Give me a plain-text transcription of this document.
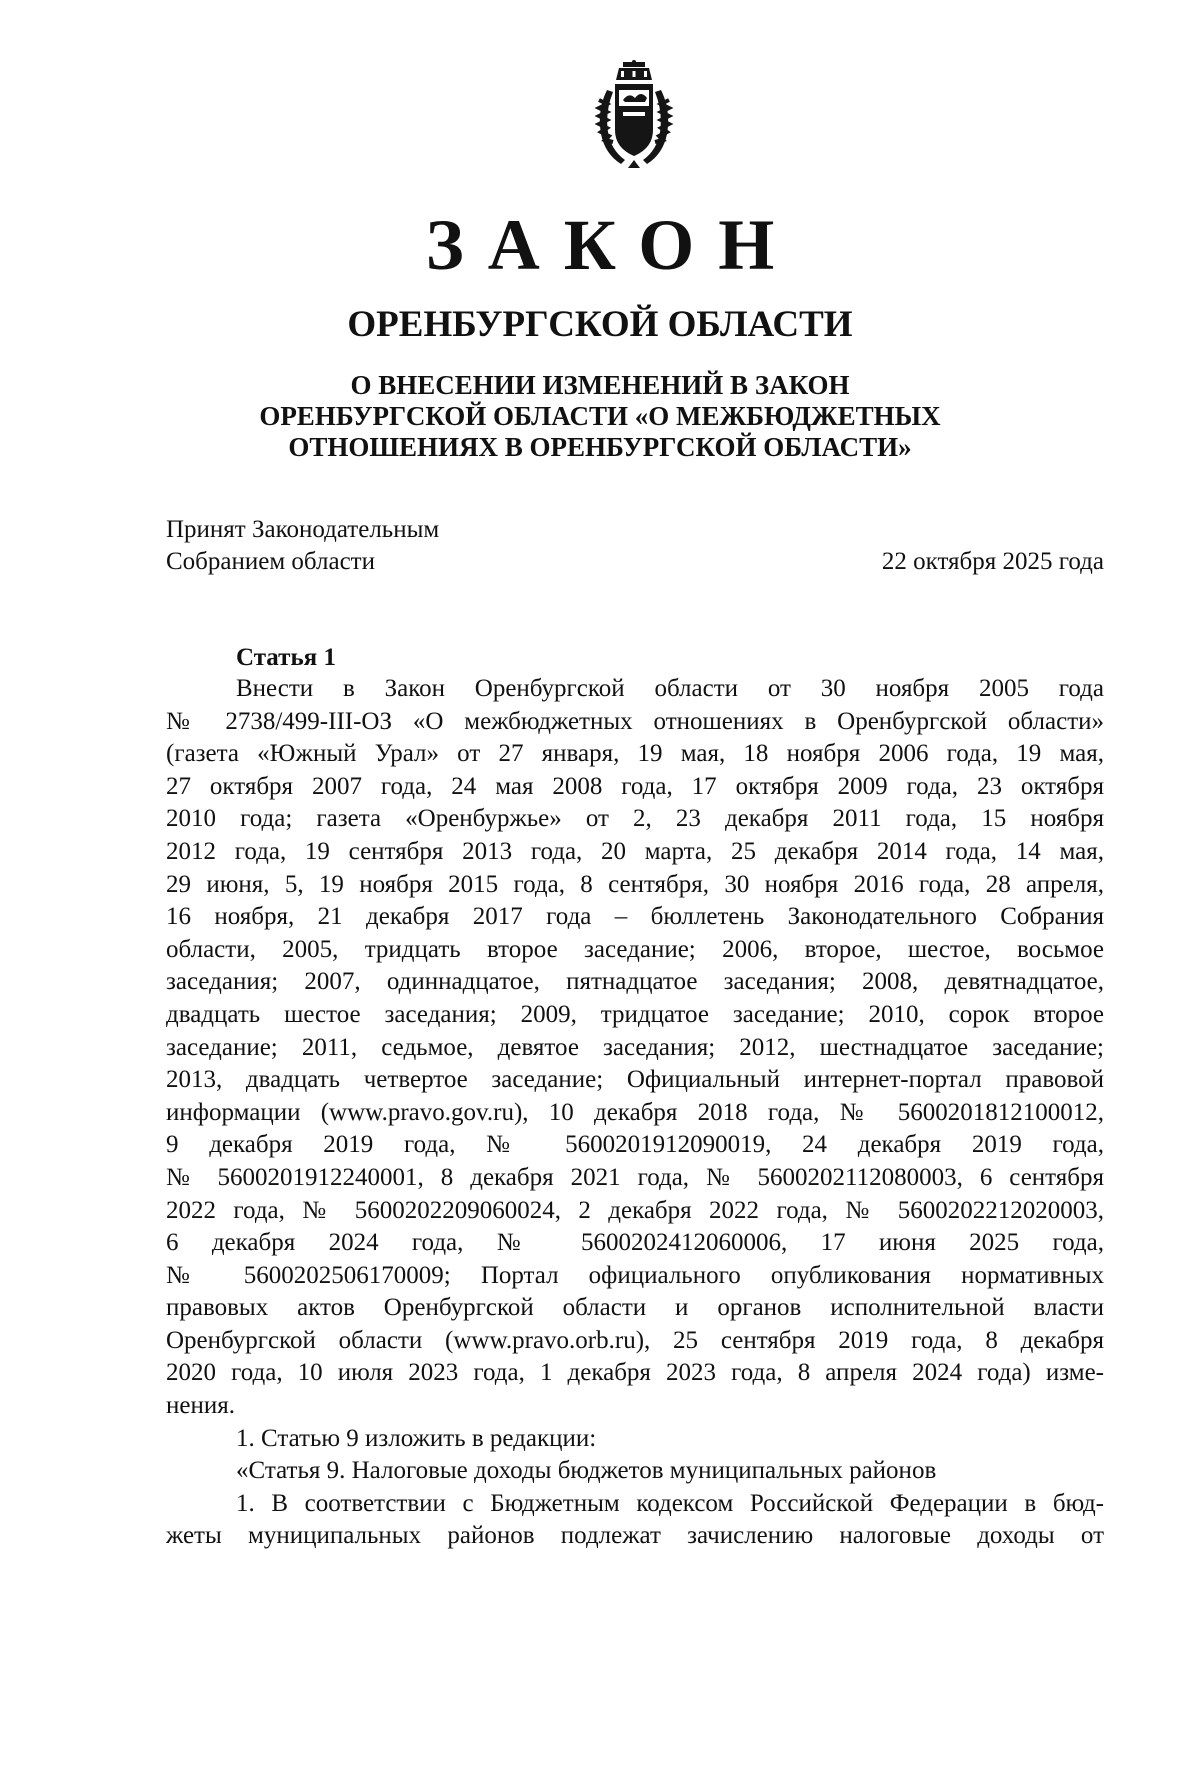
ЗАКОН
ОРЕНБУРГСКОЙ ОБЛАСТИ
О ВНЕСЕНИИ ИЗМЕНЕНИЙ В ЗАКОН
ОРЕНБУРГСКОЙ ОБЛАСТИ «О МЕЖБЮДЖЕТНЫХ
ОТНОШЕНИЯХ В ОРЕНБУРГСКОЙ ОБЛАСТИ»
Принят Законодательным
Собранием области	22 октября 2025 года
Статья 1
Внести в Закон Оренбургской области от 30 ноября 2005 года
№ 2738/499-III-ОЗ «О межбюджетных отношениях в Оренбургской области»
(газета «Южный Урал» от 27 января, 19 мая, 18 ноября 2006 года, 19 мая,
27 октября 2007 года, 24 мая 2008 года, 17 октября 2009 года, 23 октября
2010 года; газета «Оренбуржье» от 2, 23 декабря 2011 года, 15 ноября
2012 года, 19 сентября 2013 года, 20 марта, 25 декабря 2014 года, 14 мая,
29 июня, 5, 19 ноября 2015 года, 8 сентября, 30 ноября 2016 года, 28 апреля,
16 ноября, 21 декабря 2017 года – бюллетень Законодательного Собрания
области, 2005, тридцать второе заседание; 2006, второе, шестое, восьмое
заседания; 2007, одиннадцатое, пятнадцатое заседания; 2008, девятнадцатое,
двадцать шестое заседания; 2009, тридцатое заседание; 2010, сорок второе
заседание; 2011, седьмое, девятое заседания; 2012, шестнадцатое заседание;
2013, двадцать четвертое заседание; Официальный интернет-портал правовой
информации (www.pravo.gov.ru), 10 декабря 2018 года, № 5600201812100012,
9 декабря 2019 года, № 5600201912090019, 24 декабря 2019 года,
№ 5600201912240001, 8 декабря 2021 года, № 5600202112080003, 6 сентября
2022 года, № 5600202209060024, 2 декабря 2022 года, № 5600202212020003,
6 декабря 2024 года, № 5600202412060006, 17 июня 2025 года,
№ 5600202506170009; Портал официального опубликования нормативных
правовых актов Оренбургской области и органов исполнительной власти
Оренбургской области (www.pravo.orb.ru), 25 сентября 2019 года, 8 декабря
2020 года, 10 июля 2023 года, 1 декабря 2023 года, 8 апреля 2024 года) изме-
нения.
1. Статью 9 изложить в редакции:
«Статья 9. Налоговые доходы бюджетов муниципальных районов
1. В соответствии с Бюджетным кодексом Российской Федерации в бюд-
жеты муниципальных районов подлежат зачислению налоговые доходы от
